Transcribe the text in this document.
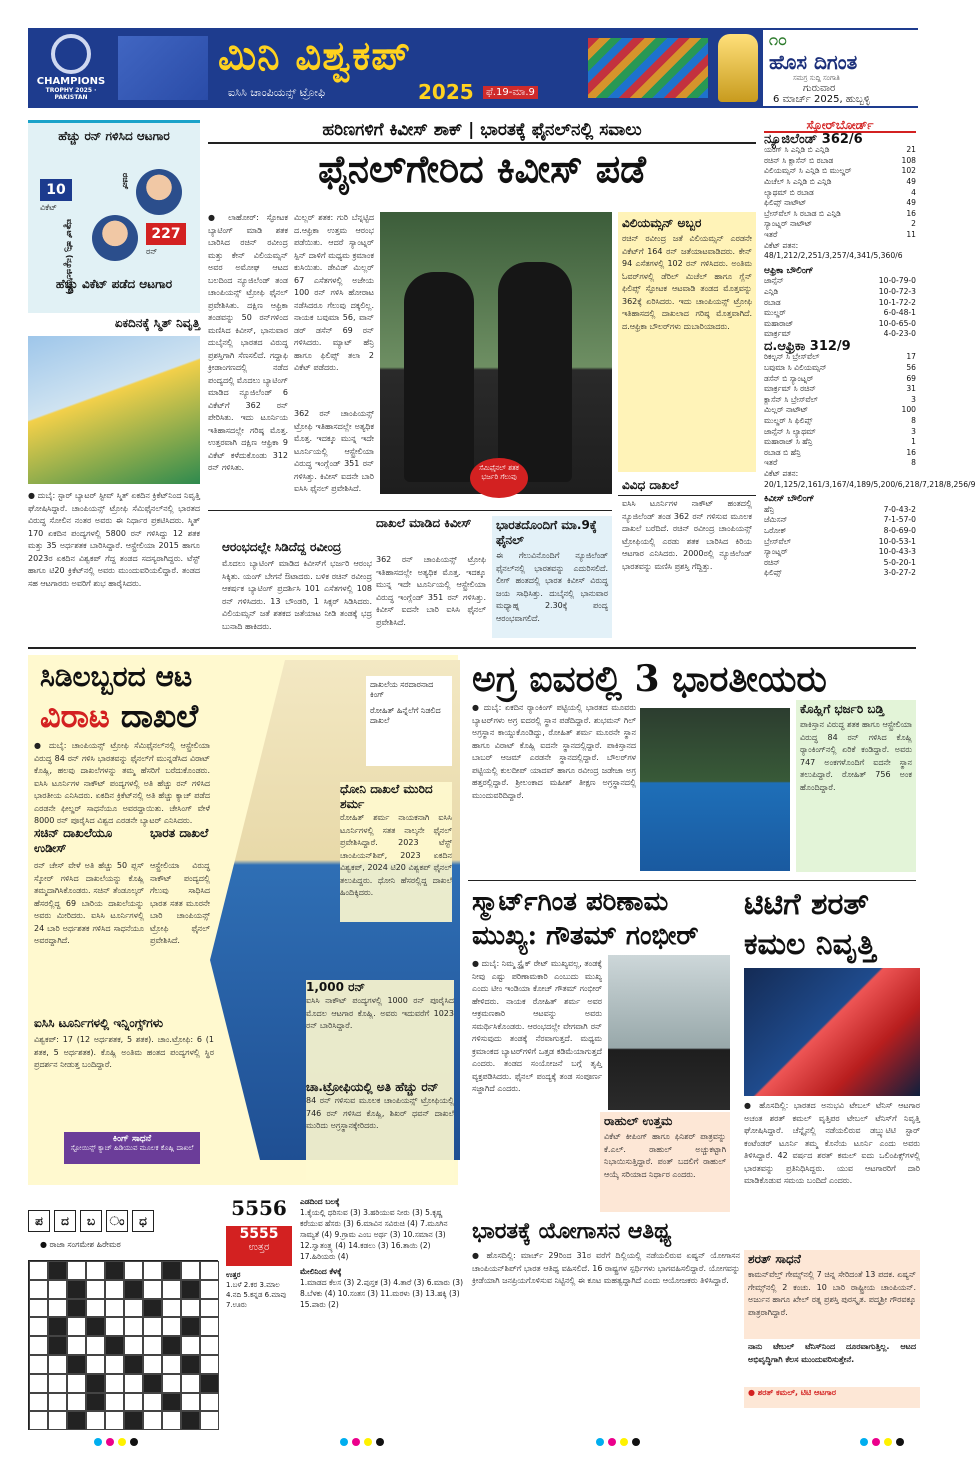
CHAMPIONS
TROPHY 2025 · PAKISTAN
ಮಿನಿ ವಿಶ್ವಕಪ್
ಐಸಿಸಿ ಚಾಂಪಿಯನ್ಸ್ ಟ್ರೋಫಿ	2025	ಫೆ.19-ಮಾ.9
೧೦
ಹೊಸ ದಿಗಂತ
ಸಮಗ್ರ ಸುದ್ದಿ ಸಂಗಾತಿ
ಗುರುವಾರ
6 ಮಾರ್ಚ್ 2025, ಹುಬ್ಬಳ್ಳಿ
ಹೆಚ್ಚು ರನ್ ಗಳಿಸಿದ ಆಟಗಾರ
ರಚಿನ್
10
ವಿಕೆಟ್
ಮ್ಯಾಟ್ ಹೆನ್ರಿ (ನ್ಯೂಜಿಲೆಂಡ್)	227
ರನ್
ಹೆಚ್ಚು ವಿಕೆಟ್ ಪಡೆದ ಆಟಗಾರ
ಏಕದಿನಕ್ಕೆ ಸ್ಮಿತ್ ನಿವೃತ್ತಿ
● ದುಬೈ: ಸ್ಟಾರ್ ಬ್ಯಾಟರ್ ಸ್ಟೀವ್ ಸ್ಮಿತ್ ಏಕದಿನ ಕ್ರಿಕೆಟ್‌ನಿಂದ ನಿವೃತ್ತಿ ಘೋಷಿಸಿದ್ದಾರೆ. ಚಾಂಪಿಯನ್ಸ್ ಟ್ರೋಫಿ ಸೆಮಿಫೈನಲ್‌ನಲ್ಲಿ ಭಾರತದ ವಿರುದ್ಧ ಸೋಲಿನ ನಂತರ ಅವರು ಈ ನಿರ್ಧಾರ ಪ್ರಕಟಿಸಿದರು. ಸ್ಮಿತ್ 170 ಏಕದಿನ ಪಂದ್ಯಗಳಲ್ಲಿ 5800 ರನ್ ಗಳಿಸಿದ್ದು 12 ಶತಕ ಮತ್ತು 35 ಅರ್ಧಶತಕ ಬಾರಿಸಿದ್ದಾರೆ. ಆಸ್ಟ್ರೇಲಿಯಾ 2015 ಹಾಗೂ 2023ರ ಏಕದಿನ ವಿಶ್ವಕಪ್ ಗೆದ್ದ ತಂಡದ ಸದಸ್ಯರಾಗಿದ್ದರು. ಟೆಸ್ಟ್ ಹಾಗೂ ಟಿ20 ಕ್ರಿಕೆಟ್‌ನಲ್ಲಿ ಅವರು ಮುಂದುವರಿಯಲಿದ್ದಾರೆ. ತಂಡದ ಸಹ ಆಟಗಾರರು ಅವರಿಗೆ ಶುಭ ಹಾರೈಸಿದರು.
ಹರಿಣಗಳಿಗೆ ಕಿವೀಸ್ ಶಾಕ್ | ಭಾರತಕ್ಕೆ ಫೈನಲ್‌ನಲ್ಲಿ ಸವಾಲು
ಫೈನಲ್‌ಗೇರಿದ ಕಿವೀಸ್ ಪಡೆ
● ಲಾಹೋರ್: ಸ್ಫೋಟಕ ಬ್ಯಾಟಿಂಗ್ ಮಾಡಿ ಶತಕ ಬಾರಿಸಿದ ರಚಿನ್ ರವೀಂದ್ರ ಮತ್ತು ಕೇನ್ ವಿಲಿಯಮ್ಸನ್ ಅವರ ಅಮೋಘ ಆಟದ ಬಲದಿಂದ ನ್ಯೂಜಿಲೆಂಡ್ ತಂಡ ಚಾಂಪಿಯನ್ಸ್ ಟ್ರೋಫಿ ಫೈನಲ್ ಪ್ರವೇಶಿಸಿತು. ದಕ್ಷಿಣ ಆಫ್ರಿಕಾ ತಂಡವನ್ನು 50 ರನ್‌ಗಳಿಂದ ಮಣಿಸಿದ ಕಿವೀಸ್, ಭಾನುವಾರ ದುಬೈನಲ್ಲಿ ಭಾರತದ ವಿರುದ್ಧ ಪ್ರಶಸ್ತಿಗಾಗಿ ಸೆಣಸಲಿದೆ. ಗದ್ದಾಫಿ ಕ್ರೀಡಾಂಗಣದಲ್ಲಿ ನಡೆದ ಪಂದ್ಯದಲ್ಲಿ ಮೊದಲು ಬ್ಯಾಟಿಂಗ್ ಮಾಡಿದ ನ್ಯೂಜಿಲೆಂಡ್ 6 ವಿಕೆಟ್‌ಗೆ 362 ರನ್ ಪೇರಿಸಿತು. ಇದು ಟೂರ್ನಿಯ ಇತಿಹಾಸದಲ್ಲೇ ಗರಿಷ್ಠ ಮೊತ್ತ. ಉತ್ತರವಾಗಿ ದಕ್ಷಿಣ ಆಫ್ರಿಕಾ 9 ವಿಕೆಟ್ ಕಳೆದುಕೊಂಡು 312 ರನ್ ಗಳಿಸಿತು.
ಮಿಲ್ಲರ್ ಶತಕ: ಗುರಿ ಬೆನ್ನಟ್ಟಿದ ದ.ಆಫ್ರಿಕಾ ಉತ್ತಮ ಆರಂಭ ಪಡೆಯಿತು. ಆದರೆ ಸ್ಯಾಂಟ್ನರ್ ಸ್ಪಿನ್ ದಾಳಿಗೆ ಮಧ್ಯಮ ಕ್ರಮಾಂಕ ಕುಸಿಯಿತು. ಡೇವಿಡ್ ಮಿಲ್ಲರ್ 67 ಎಸೆತಗಳಲ್ಲಿ ಅಜೇಯ 100 ರನ್ ಗಳಿಸಿ ಹೋರಾಟ ನಡೆಸಿದರೂ ಗೆಲುವು ದಕ್ಕಲಿಲ್ಲ. ನಾಯಕ ಬವುಮಾ 56, ವಾನ್ ಡರ್ ಡಸೆನ್ 69 ರನ್ ಗಳಿಸಿದರು. ಮ್ಯಾಟ್ ಹೆನ್ರಿ ಹಾಗೂ ಫಿಲಿಪ್ಸ್ ತಲಾ 2 ವಿಕೆಟ್ ಪಡೆದರು.
362 ರನ್ ಚಾಂಪಿಯನ್ಸ್ ಟ್ರೋಫಿ ಇತಿಹಾಸದಲ್ಲೇ ಅತ್ಯಧಿಕ ಮೊತ್ತ. ಇದಕ್ಕೂ ಮುನ್ನ ಇದೇ ಟೂರ್ನಿಯಲ್ಲಿ ಆಸ್ಟ್ರೇಲಿಯಾ ವಿರುದ್ಧ ಇಂಗ್ಲೆಂಡ್ 351 ರನ್ ಗಳಿಸಿತ್ತು. ಕಿವೀಸ್ ಐದನೇ ಬಾರಿ ಐಸಿಸಿ ಫೈನಲ್ ಪ್ರವೇಶಿಸಿದೆ.
ಸೆಮಿಫೈನಲ್ ಶತಕ ಭರ್ಜರಿ ಗೆಲುವು
ವಿಲಿಯಮ್ಸನ್ ಅಬ್ಬರ
ರಚಿನ್ ರವೀಂದ್ರ ಜತೆ ವಿಲಿಯಮ್ಸನ್ ಎರಡನೇ ವಿಕೆಟ್‌ಗೆ 164 ರನ್ ಜತೆಯಾಟವಾಡಿದರು. ಕೇನ್ 94 ಎಸೆತಗಳಲ್ಲಿ 102 ರನ್ ಗಳಿಸಿದರು. ಅಂತಿಮ ಓವರ್‌ಗಳಲ್ಲಿ ಡೆರಿಲ್ ಮಿಚೆಲ್ ಹಾಗೂ ಗ್ಲೆನ್ ಫಿಲಿಪ್ಸ್ ಸ್ಫೋಟಕ ಆಟವಾಡಿ ತಂಡದ ಮೊತ್ತವನ್ನು 362ಕ್ಕೆ ಏರಿಸಿದರು. ಇದು ಚಾಂಪಿಯನ್ಸ್ ಟ್ರೋಫಿ ಇತಿಹಾಸದಲ್ಲಿ ದಾಖಲಾದ ಗರಿಷ್ಠ ಮೊತ್ತವಾಗಿದೆ. ದ.ಆಫ್ರಿಕಾ ಬೌಲರ್‌ಗಳು ದುಬಾರಿಯಾದರು.
ವಿವಿಧ ದಾಖಲೆ
ಐಸಿಸಿ ಟೂರ್ನಿಗಳ ನಾಕೌಟ್ ಹಂತದಲ್ಲಿ ನ್ಯೂಜಿಲೆಂಡ್ ತಂಡ 362 ರನ್ ಗಳಿಸುವ ಮೂಲಕ ದಾಖಲೆ ಬರೆದಿದೆ. ರಚಿನ್ ರವೀಂದ್ರ ಚಾಂಪಿಯನ್ಸ್ ಟ್ರೋಫಿಯಲ್ಲಿ ಎರಡು ಶತಕ ಬಾರಿಸಿದ ಕಿರಿಯ ಆಟಗಾರ ಎನಿಸಿದರು. 2000ರಲ್ಲಿ ನ್ಯೂಜಿಲೆಂಡ್ ಭಾರತವನ್ನು ಮಣಿಸಿ ಪ್ರಶಸ್ತಿ ಗೆದ್ದಿತ್ತು.
ಆರಂಭದಲ್ಲೇ ಸಿಡಿದೆದ್ದ ರವೀಂದ್ರ
ಮೊದಲು ಬ್ಯಾಟಿಂಗ್ ಮಾಡಿದ ಕಿವೀಸ್‌ಗೆ ಭರ್ಜರಿ ಆರಂಭ ಸಿಕ್ಕಿತು. ಯಂಗ್ ಬೇಗನೆ ಔಟಾದರು. ಬಳಿಕ ರಚಿನ್ ರವೀಂದ್ರ ಆಕರ್ಷಕ ಬ್ಯಾಟಿಂಗ್ ಪ್ರದರ್ಶಿಸಿ 101 ಎಸೆತಗಳಲ್ಲಿ 108 ರನ್ ಗಳಿಸಿದರು. 13 ಬೌಂಡರಿ, 1 ಸಿಕ್ಸರ್ ಸಿಡಿಸಿದರು. ವಿಲಿಯಮ್ಸನ್ ಜತೆ ಶತಕದ ಜತೆಯಾಟ ನೀಡಿ ತಂಡಕ್ಕೆ ಭದ್ರ ಬುನಾದಿ ಹಾಕಿದರು.
ದಾಖಲೆ ಮಾಡಿದ ಕಿವೀಸ್
362 ರನ್ ಚಾಂಪಿಯನ್ಸ್ ಟ್ರೋಫಿ ಇತಿಹಾಸದಲ್ಲೇ ಅತ್ಯಧಿಕ ಮೊತ್ತ. ಇದಕ್ಕೂ ಮುನ್ನ ಇದೇ ಟೂರ್ನಿಯಲ್ಲಿ ಆಸ್ಟ್ರೇಲಿಯಾ ವಿರುದ್ಧ ಇಂಗ್ಲೆಂಡ್ 351 ರನ್ ಗಳಿಸಿತ್ತು. ಕಿವೀಸ್ ಐದನೇ ಬಾರಿ ಐಸಿಸಿ ಫೈನಲ್ ಪ್ರವೇಶಿಸಿದೆ.
ಭಾರತದೊಂದಿಗೆ ಮಾ.9ಕ್ಕೆ ಫೈನಲ್
ಈ ಗೆಲುವಿನೊಂದಿಗೆ ನ್ಯೂಜಿಲೆಂಡ್ ಫೈನಲ್‌ನಲ್ಲಿ ಭಾರತವನ್ನು ಎದುರಿಸಲಿದೆ. ಲೀಗ್ ಹಂತದಲ್ಲಿ ಭಾರತ ಕಿವೀಸ್ ವಿರುದ್ಧ ಜಯ ಸಾಧಿಸಿತ್ತು. ದುಬೈನಲ್ಲಿ ಭಾನುವಾರ ಮಧ್ಯಾಹ್ನ 2.30ಕ್ಕೆ ಪಂದ್ಯ ಆರಂಭವಾಗಲಿದೆ.
ಸ್ಕೋರ್‌ಬೋರ್ಡ್
ನ್ಯೂಜಿಲೆಂಡ್ 362/6
ಯಂಗ್ ಸಿ ಎನ್ಗಿಡಿ ಬಿ ಎನ್ಗಿಡಿ	21
ರಚಿನ್ ಸಿ ಕ್ಲಾಸೆನ್ ಬಿ ರಬಾಡ	108
ವಿಲಿಯಮ್ಸನ್ ಸಿ ಎನ್ಗಿಡಿ ಬಿ ಮುಲ್ಡರ್	102
ಮಿಚೆಲ್ ಸಿ ಎನ್ಗಿಡಿ ಬಿ ಎನ್ಗಿಡಿ	49
ಲ್ಯಾಥಮ್ ಬಿ ರಬಾಡ	4
ಫಿಲಿಪ್ಸ್ ನಾಟೌಟ್	49
ಬ್ರೇಸ್‌ವೆಲ್ ಸಿ ರಬಾಡ ಬಿ ಎನ್ಗಿಡಿ	16
ಸ್ಯಾಂಟ್ನರ್ ನಾಟೌಟ್	2
ಇತರೆ	11
ವಿಕೆಟ್ ಪತನ: 48/1,212/2,251/3,257/4,341/5,360/6
ಆಫ್ರಿಕಾ ಬೌಲಿಂಗ್
ಜಾನ್ಸೆನ್	10-0-79-0
ಎನ್ಗಿಡಿ	10-0-72-3
ರಬಾಡ	10-1-72-2
ಮುಲ್ಡರ್	6-0-48-1
ಮಹಾರಾಜ್	10-0-65-0
ಮಾರ್ಕ್ರಮ್	4-0-23-0
ದ.ಆಫ್ರಿಕಾ 312/9
ರಿಕಲ್ಟನ್ ಸಿ ಬ್ರೇಸ್‌ವೆಲ್	17
ಬವುಮಾ ಸಿ ವಿಲಿಯಮ್ಸನ್	56
ಡಸೆನ್ ಬಿ ಸ್ಯಾಂಟ್ನರ್	69
ಮಾರ್ಕ್ರಮ್ ಸಿ ರಚಿನ್	31
ಕ್ಲಾಸೆನ್ ಸಿ ಬ್ರೇಸ್‌ವೆಲ್	3
ಮಿಲ್ಲರ್ ನಾಟೌಟ್	100
ಮುಲ್ಡರ್ ಸಿ ಫಿಲಿಪ್ಸ್	8
ಜಾನ್ಸೆನ್ ಸಿ ಲ್ಯಾಥಮ್	3
ಮಹಾರಾಜ್ ಸಿ ಹೆನ್ರಿ	1
ರಬಾಡ ಬಿ ಹೆನ್ರಿ	16
ಇತರೆ	8
ವಿಕೆಟ್ ಪತನ: 20/1,125/2,161/3,167/4,189/5,200/6,218/7,218/8,256/9
ಕಿವೀಸ್ ಬೌಲಿಂಗ್
ಹೆನ್ರಿ	7-0-43-2
ಜೆಮಿಸನ್	7-1-57-0
ಒರೋಕ್	8-0-69-0
ಬ್ರೇಸ್‌ವೆಲ್	10-0-53-1
ಸ್ಯಾಂಟ್ನರ್	10-0-43-3
ರಚಿನ್	5-0-20-1
ಫಿಲಿಪ್ಸ್	3-0-27-2
ಸಿಡಿಲಬ್ಬರದ ಆಟ
ವಿರಾಟ ದಾಖಲೆ
ದಾಖಲೆಯ ಸರದಾರನಾದ ಕಿಂಗ್
ರೋಹಿತ್ ಹಿನ್ನೆಲೆಗೆ ನಿಡಲಿದ ದಾಖಲೆ
● ದುಬೈ: ಚಾಂಪಿಯನ್ಸ್ ಟ್ರೋಫಿ ಸೆಮಿಫೈನಲ್‌ನಲ್ಲಿ ಆಸ್ಟ್ರೇಲಿಯಾ ವಿರುದ್ಧ 84 ರನ್ ಗಳಿಸಿ ಭಾರತವನ್ನು ಫೈನಲ್‌ಗೆ ಮುನ್ನಡೆಸಿದ ವಿರಾಟ್ ಕೊಹ್ಲಿ, ಹಲವು ದಾಖಲೆಗಳನ್ನು ತಮ್ಮ ಹೆಸರಿಗೆ ಬರೆದುಕೊಂಡರು. ಐಸಿಸಿ ಟೂರ್ನಿಗಳ ನಾಕೌಟ್ ಪಂದ್ಯಗಳಲ್ಲಿ ಅತಿ ಹೆಚ್ಚು ರನ್ ಗಳಿಸಿದ ಭಾರತೀಯ ಎನಿಸಿದರು. ಏಕದಿನ ಕ್ರಿಕೆಟ್‌ನಲ್ಲಿ ಅತಿ ಹೆಚ್ಚು ಕ್ಯಾಚ್ ಪಡೆದ ಎರಡನೇ ಫೀಲ್ಡರ್ ಸಾಧನೆಯೂ ಅವರದ್ದಾಯಿತು. ಚೇಸಿಂಗ್ ವೇಳೆ 8000 ರನ್ ಪೂರೈಸಿದ ವಿಶ್ವದ ಎರಡನೇ ಬ್ಯಾಟರ್ ಎನಿಸಿದರು.
ಸಚಿನ್ ದಾಖಲೆಯೂ ಉಡೀಸ್
ರನ್ ಚೇಸ್ ವೇಳೆ ಅತಿ ಹೆಚ್ಚು 50 ಪ್ಲಸ್ ಸ್ಕೋರ್ ಗಳಿಸಿದ ದಾಖಲೆಯನ್ನು ಕೊಹ್ಲಿ ತಮ್ಮದಾಗಿಸಿಕೊಂಡರು. ಸಚಿನ್ ತೆಂಡೂಲ್ಕರ್ ಹೆಸರಲ್ಲಿದ್ದ 69 ಬಾರಿಯ ದಾಖಲೆಯನ್ನು ಅವರು ಮೀರಿದರು. ಐಸಿಸಿ ಟೂರ್ನಿಗಳಲ್ಲಿ 24 ಬಾರಿ ಅರ್ಧಶತಕ ಗಳಿಸಿದ ಸಾಧನೆಯೂ ಅವರದ್ದಾಗಿದೆ.
ಭಾರತ ದಾಖಲೆ
ಆಸ್ಟ್ರೇಲಿಯಾ ವಿರುದ್ಧ ನಾಕೌಟ್ ಪಂದ್ಯದಲ್ಲಿ ಗೆಲುವು ಸಾಧಿಸಿದ ಭಾರತ ಸತತ ಮೂರನೇ ಬಾರಿ ಚಾಂಪಿಯನ್ಸ್ ಟ್ರೋಫಿ ಫೈನಲ್ ಪ್ರವೇಶಿಸಿದೆ.
ಐಸಿಸಿ ಟೂರ್ನಿಗಳಲ್ಲಿ ಇನ್ನಿಂಗ್ಸ್‌ಗಳು
ವಿಶ್ವಕಪ್: 17 (12 ಅರ್ಧಶತಕ, 5 ಶತಕ). ಚಾಂ.ಟ್ರೋಫಿ: 6 (1 ಶತಕ, 5 ಅರ್ಧಶತಕ). ಕೊಹ್ಲಿ ಅಂತಿಮ ಹಂತದ ಪಂದ್ಯಗಳಲ್ಲಿ ಸ್ಥಿರ ಪ್ರದರ್ಶನ ನೀಡುತ್ತ ಬಂದಿದ್ದಾರೆ.
ಕಿಂಗ್ ಸಾಧನೆ
ಸ್ಟೋಯಿನ್ಸ್ ಕ್ಯಾಚ್ ಹಿಡಿಯುವ ಮೂಲಕ ಕೊಹ್ಲಿ ದಾಖಲೆ
ಧೋನಿ ದಾಖಲೆ ಮುರಿದ ಶರ್ಮ
ರೋಹಿತ್ ಶರ್ಮ ನಾಯಕನಾಗಿ ಐಸಿಸಿ ಟೂರ್ನಿಗಳಲ್ಲಿ ಸತತ ನಾಲ್ಕನೇ ಫೈನಲ್ ಪ್ರವೇಶಿಸಿದ್ದಾರೆ. 2023 ಟೆಸ್ಟ್ ಚಾಂಪಿಯನ್‌ಶಿಪ್, 2023 ಏಕದಿನ ವಿಶ್ವಕಪ್, 2024 ಟಿ20 ವಿಶ್ವಕಪ್ ಫೈನಲ್ ತಲುಪಿದ್ದರು. ಧೋನಿ ಹೆಸರಲ್ಲಿದ್ದ ದಾಖಲೆ ಹಿಂದಿಕ್ಕಿದರು.
1,000 ರನ್
ಐಸಿಸಿ ನಾಕೌಟ್ ಪಂದ್ಯಗಳಲ್ಲಿ 1000 ರನ್ ಪೂರೈಸಿದ ಮೊದಲ ಆಟಗಾರ ಕೊಹ್ಲಿ. ಅವರು ಇದುವರೆಗೆ 1023 ರನ್ ಬಾರಿಸಿದ್ದಾರೆ.
ಚಾ.ಟ್ರೋಫಿಯಲ್ಲಿ ಅತಿ ಹೆಚ್ಚು ರನ್
84 ರನ್ ಗಳಿಸುವ ಮೂಲಕ ಚಾಂಪಿಯನ್ಸ್ ಟ್ರೋಫಿಯಲ್ಲಿ 746 ರನ್ ಗಳಿಸಿದ ಕೊಹ್ಲಿ, ಶಿಖರ್ ಧವನ್ ದಾಖಲೆ ಮುರಿದು ಅಗ್ರಸ್ಥಾನಕ್ಕೇರಿದರು.
ಅಗ್ರ ಐವರಲ್ಲಿ 3 ಭಾರತೀಯರು
● ದುಬೈ: ಏಕದಿನ ರ‍್ಯಾಂಕಿಂಗ್ ಪಟ್ಟಿಯಲ್ಲಿ ಭಾರತದ ಮೂವರು ಬ್ಯಾಟರ್‌ಗಳು ಅಗ್ರ ಐದರಲ್ಲಿ ಸ್ಥಾನ ಪಡೆದಿದ್ದಾರೆ. ಶುಭಮನ್ ಗಿಲ್ ಅಗ್ರಸ್ಥಾನ ಕಾಯ್ದುಕೊಂಡಿದ್ದು, ರೋಹಿತ್ ಶರ್ಮ ಮೂರನೇ ಸ್ಥಾನ ಹಾಗೂ ವಿರಾಟ್ ಕೊಹ್ಲಿ ಐದನೇ ಸ್ಥಾನದಲ್ಲಿದ್ದಾರೆ. ಪಾಕಿಸ್ತಾನದ ಬಾಬರ್ ಆಜಮ್ ಎರಡನೇ ಸ್ಥಾನದಲ್ಲಿದ್ದಾರೆ. ಬೌಲರ್‌ಗಳ ಪಟ್ಟಿಯಲ್ಲಿ ಕುಲದೀಪ್ ಯಾದವ್ ಹಾಗೂ ರವೀಂದ್ರ ಜಡೇಜಾ ಅಗ್ರ ಹತ್ತರಲ್ಲಿದ್ದಾರೆ. ಶ್ರೀಲಂಕಾದ ಮಹೀಶ್ ತೀಕ್ಷಣ ಅಗ್ರಸ್ಥಾನದಲ್ಲಿ ಮುಂದುವರಿದಿದ್ದಾರೆ.
ಕೊಹ್ಲಿಗೆ ಭರ್ಜರಿ ಬಡ್ತಿ
ಪಾಕಿಸ್ತಾನ ವಿರುದ್ಧ ಶತಕ ಹಾಗೂ ಆಸ್ಟ್ರೇಲಿಯಾ ವಿರುದ್ಧ 84 ರನ್ ಗಳಿಸಿದ ಕೊಹ್ಲಿ ರ‍್ಯಾಂಕಿಂಗ್‌ನಲ್ಲಿ ಏರಿಕೆ ಕಂಡಿದ್ದಾರೆ. ಅವರು 747 ಅಂಕಗಳೊಂದಿಗೆ ಐದನೇ ಸ್ಥಾನ ತಲುಪಿದ್ದಾರೆ. ರೋಹಿತ್ 756 ಅಂಕ ಹೊಂದಿದ್ದಾರೆ.
ಸ್ಮಾರ್ಟ್‌ಗಿಂತ ಪರಿಣಾಮ ಮುಖ್ಯ: ಗೌತಮ್ ಗಂಭೀರ್
● ದುಬೈ: ನಿಮ್ಮ ಸ್ಟ್ರೈಕ್ ರೇಟ್ ಮುಖ್ಯವಲ್ಲ, ತಂಡಕ್ಕೆ ನೀವು ಎಷ್ಟು ಪರಿಣಾಮಕಾರಿ ಎಂಬುದು ಮುಖ್ಯ ಎಂದು ಟೀಂ ಇಂಡಿಯಾ ಕೋಚ್ ಗೌತಮ್ ಗಂಭೀರ್ ಹೇಳಿದರು. ನಾಯಕ ರೋಹಿತ್ ಶರ್ಮ ಅವರ ಆಕ್ರಮಣಕಾರಿ ಆಟವನ್ನು ಅವರು ಸಮರ್ಥಿಸಿಕೊಂಡರು. ಆರಂಭದಲ್ಲೇ ವೇಗವಾಗಿ ರನ್ ಗಳಿಸುವುದು ತಂಡಕ್ಕೆ ನೆರವಾಗುತ್ತದೆ. ಮಧ್ಯಮ ಕ್ರಮಾಂಕದ ಬ್ಯಾಟರ್‌ಗಳಿಗೆ ಒತ್ತಡ ಕಡಿಮೆಯಾಗುತ್ತದೆ ಎಂದರು. ತಂಡದ ಸಂಯೋಜನೆ ಬಗ್ಗೆ ತೃಪ್ತಿ ವ್ಯಕ್ತಪಡಿಸಿದರು. ಫೈನಲ್ ಪಂದ್ಯಕ್ಕೆ ತಂಡ ಸಂಪೂರ್ಣ ಸಜ್ಜಾಗಿದೆ ಎಂದರು.
ರಾಹುಲ್ ಉತ್ತಮ
ವಿಕೆಟ್ ಕೀಪಿಂಗ್ ಹಾಗೂ ಫಿನಿಶರ್ ಪಾತ್ರವನ್ನು ಕೆ.ಎಲ್. ರಾಹುಲ್ ಅಚ್ಚುಕಟ್ಟಾಗಿ ನಿಭಾಯಿಸುತ್ತಿದ್ದಾರೆ. ಪಂತ್ ಬದಲಿಗೆ ರಾಹುಲ್ ಆಯ್ಕೆ ಸರಿಯಾದ ನಿರ್ಧಾರ ಎಂದರು.
ಟಿಟಿಗೆ ಶರತ್ ಕಮಲ ನಿವೃತ್ತಿ
● ಹೊಸದಿಲ್ಲಿ: ಭಾರತದ ಅನುಭವಿ ಟೇಬಲ್ ಟೆನಿಸ್ ಆಟಗಾರ ಅಚಂತ ಶರತ್ ಕಮಲ್ ವೃತ್ತಿಪರ ಟೇಬಲ್ ಟೆನಿಸ್‌ಗೆ ನಿವೃತ್ತಿ ಘೋಷಿಸಿದ್ದಾರೆ. ಚೆನ್ನೈನಲ್ಲಿ ನಡೆಯಲಿರುವ ಡಬ್ಲ್ಯುಟಿಟಿ ಸ್ಟಾರ್ ಕಂಟೆಂಡರ್ ಟೂರ್ನಿ ತಮ್ಮ ಕೊನೆಯ ಟೂರ್ನಿ ಎಂದು ಅವರು ತಿಳಿಸಿದ್ದಾರೆ. 42 ವರ್ಷದ ಶರತ್ ಕಮಲ್ ಐದು ಒಲಿಂಪಿಕ್ಸ್‌ಗಳಲ್ಲಿ ಭಾರತವನ್ನು ಪ್ರತಿನಿಧಿಸಿದ್ದರು. ಯುವ ಆಟಗಾರರಿಗೆ ದಾರಿ ಮಾಡಿಕೊಡುವ ಸಮಯ ಬಂದಿದೆ ಎಂದರು.
ಶರತ್ ಸಾಧನೆ
ಕಾಮನ್‌ವೆಲ್ತ್ ಗೇಮ್ಸ್‌ನಲ್ಲಿ 7 ಚಿನ್ನ ಸೇರಿದಂತೆ 13 ಪದಕ. ಏಷ್ಯನ್ ಗೇಮ್ಸ್‌ನಲ್ಲಿ 2 ಕಂಚು. 10 ಬಾರಿ ರಾಷ್ಟ್ರೀಯ ಚಾಂಪಿಯನ್. ಅರ್ಜುನ ಹಾಗೂ ಖೇಲ್ ರತ್ನ ಪ್ರಶಸ್ತಿ ಪುರಸ್ಕೃತ. ಪದ್ಮಶ್ರೀ ಗೌರವಕ್ಕೂ ಪಾತ್ರರಾಗಿದ್ದಾರೆ.
ನಾನು ಟೇಬಲ್ ಟೆನಿಸ್‌ನಿಂದ ದೂರವಾಗುತ್ತಿಲ್ಲ. ಆಟದ ಅಭಿವೃದ್ಧಿಗಾಗಿ ಕೆಲಸ ಮುಂದುವರಿಸುತ್ತೇನೆ.
● ಶರತ್ ಕಮಲ್, ಟಿಟಿ ಆಟಗಾರ
ಭಾರತಕ್ಕೆ ಯೋಗಾಸನ ಆತಿಥ್ಯ
● ಹೊಸದಿಲ್ಲಿ: ಮಾರ್ಚ್ 29ರಿಂದ 31ರ ವರೆಗೆ ದಿಲ್ಲಿಯಲ್ಲಿ ನಡೆಯಲಿರುವ ಏಷ್ಯನ್ ಯೋಗಾಸನ ಚಾಂಪಿಯನ್‌ಶಿಪ್‌ಗೆ ಭಾರತ ಆತಿಥ್ಯ ವಹಿಸಲಿದೆ. 16 ರಾಷ್ಟ್ರಗಳ ಸ್ಪರ್ಧಿಗಳು ಭಾಗವಹಿಸಲಿದ್ದಾರೆ. ಯೋಗವನ್ನು ಕ್ರೀಡೆಯಾಗಿ ಜನಪ್ರಿಯಗೊಳಿಸುವ ನಿಟ್ಟಿನಲ್ಲಿ ಈ ಕೂಟ ಮಹತ್ವದ್ದಾಗಿದೆ ಎಂದು ಆಯೋಜಕರು ತಿಳಿಸಿದ್ದಾರೆ.
ಪ	ದ	ಬ	ಂ	ಧ
● ರಾಜಾ ಸಂಗಮೇಶ ಹಿರೇಮಠ
5556
5555
ಉತ್ತರ
ಎಡದಿಂದ ಬಲಕ್ಕೆ
1.ಕೈಯಲ್ಲಿ ಧರಿಸುವ (3) 3.ಹರಿಯುವ ನೀರು (3) 5.ಕೃಷ್ಣ ಕರೆಯುವ ಹೆಸರು (3) 6.ಮಾವಿನ ಸವಿರುಚಿ (4) 7.ಮೂಗಿನ ಸಾಮ್ಯತೆ (4) 9.ಗ್ರಾಮ ಎಂಬ ಅರ್ಥ (3) 10.ಸಮಾನ (3) 12.ಸ್ವಾತಂತ್ರ್ಯ (4) 14.ಕಡಲು (3) 16.ತಾಯಿ (2) 17.ಹಿರಿಯರು (4)
ಮೇಲಿನಿಂದ ಕೆಳಕ್ಕೆ
1.ಮಾಡದ ಕೆಲಸ (3) 2.ಪುಸ್ತಕ (3) 4.ತಾರೆ (3) 6.ಮಾರು (3) 8.ಬೆಳಕು (4) 10.ಸಂತಸ (3) 11.ಮರಳು (3) 13.ಹಕ್ಕಿ (3) 15.ಪಾರು (2)
ಉತ್ತರ
1.ಬಳೆ 2.ಕರ 3.ಮಾಲ 4.ನದಿ 5.ಕನ್ನಡ 6.ಮಾವು 7.ಊರು
